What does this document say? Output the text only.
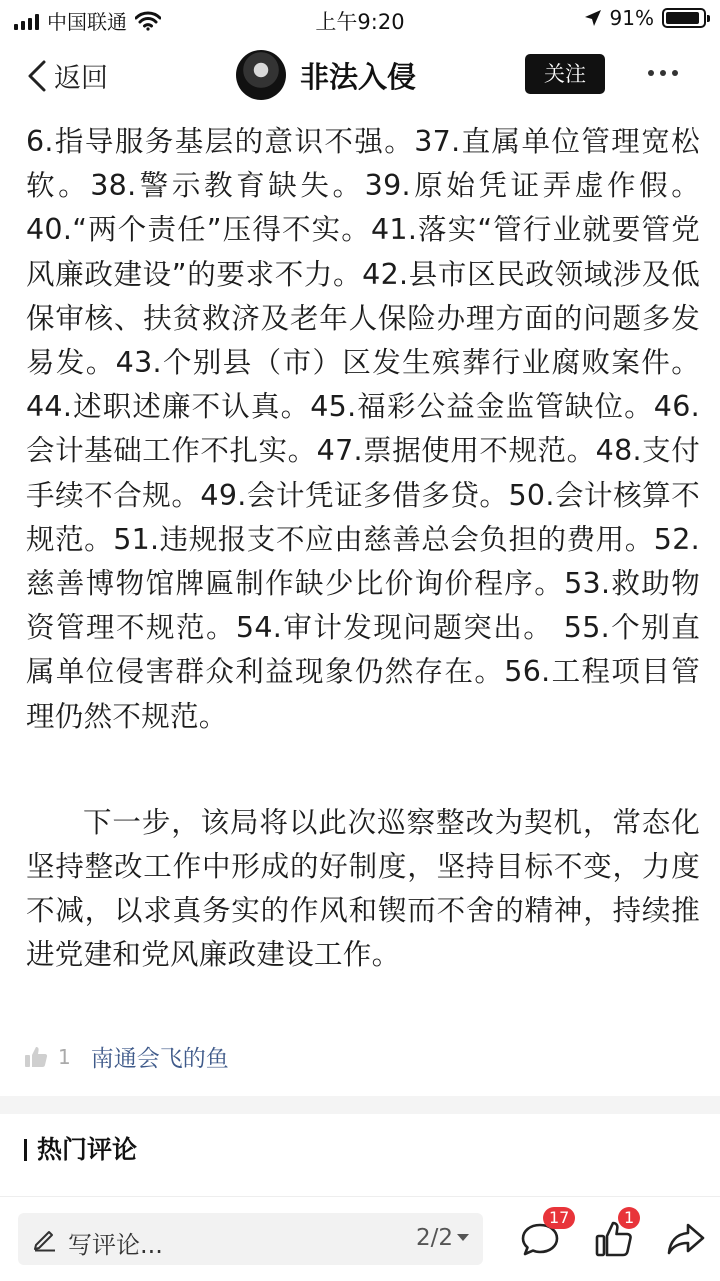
中国联通	上午9:20	91%
返回	非法入侵	关注

6.指导服务基层的意识不强。37.直属单位管理宽松软。38.警示教育缺失。39.原始凭证弄虚作假。40.“两个责任”压得不实。41.落实“管行业就要管党风廉政建设”的要求不力。42.县市区民政领域涉及低保审核、扶贫救济及老年人保险办理方面的问题多发易发。43.个别县（市）区发生殡葬行业腐败案件。44.述职述廉不认真。45.福彩公益金监管缺位。46.会计基础工作不扎实。47.票据使用不规范。48.支付手续不合规。49.会计凭证多借多贷。50.会计核算不规范。51.违规报支不应由慈善总会负担的费用。52.慈善博物馆牌匾制作缺少比价询价程序。53.救助物资管理不规范。54.审计发现问题突出。 55.个别直属单位侵害群众利益现象仍然存在。56.工程项目管理仍然不规范。

下一步，该局将以此次巡察整改为契机，常态化坚持整改工作中形成的好制度，坚持目标不变，力度不减，以求真务实的作风和锲而不舍的精神，持续推进党建和党风廉政建设工作。

1 南通会飞的鱼
热门评论
写评论...	2/2
17	1
